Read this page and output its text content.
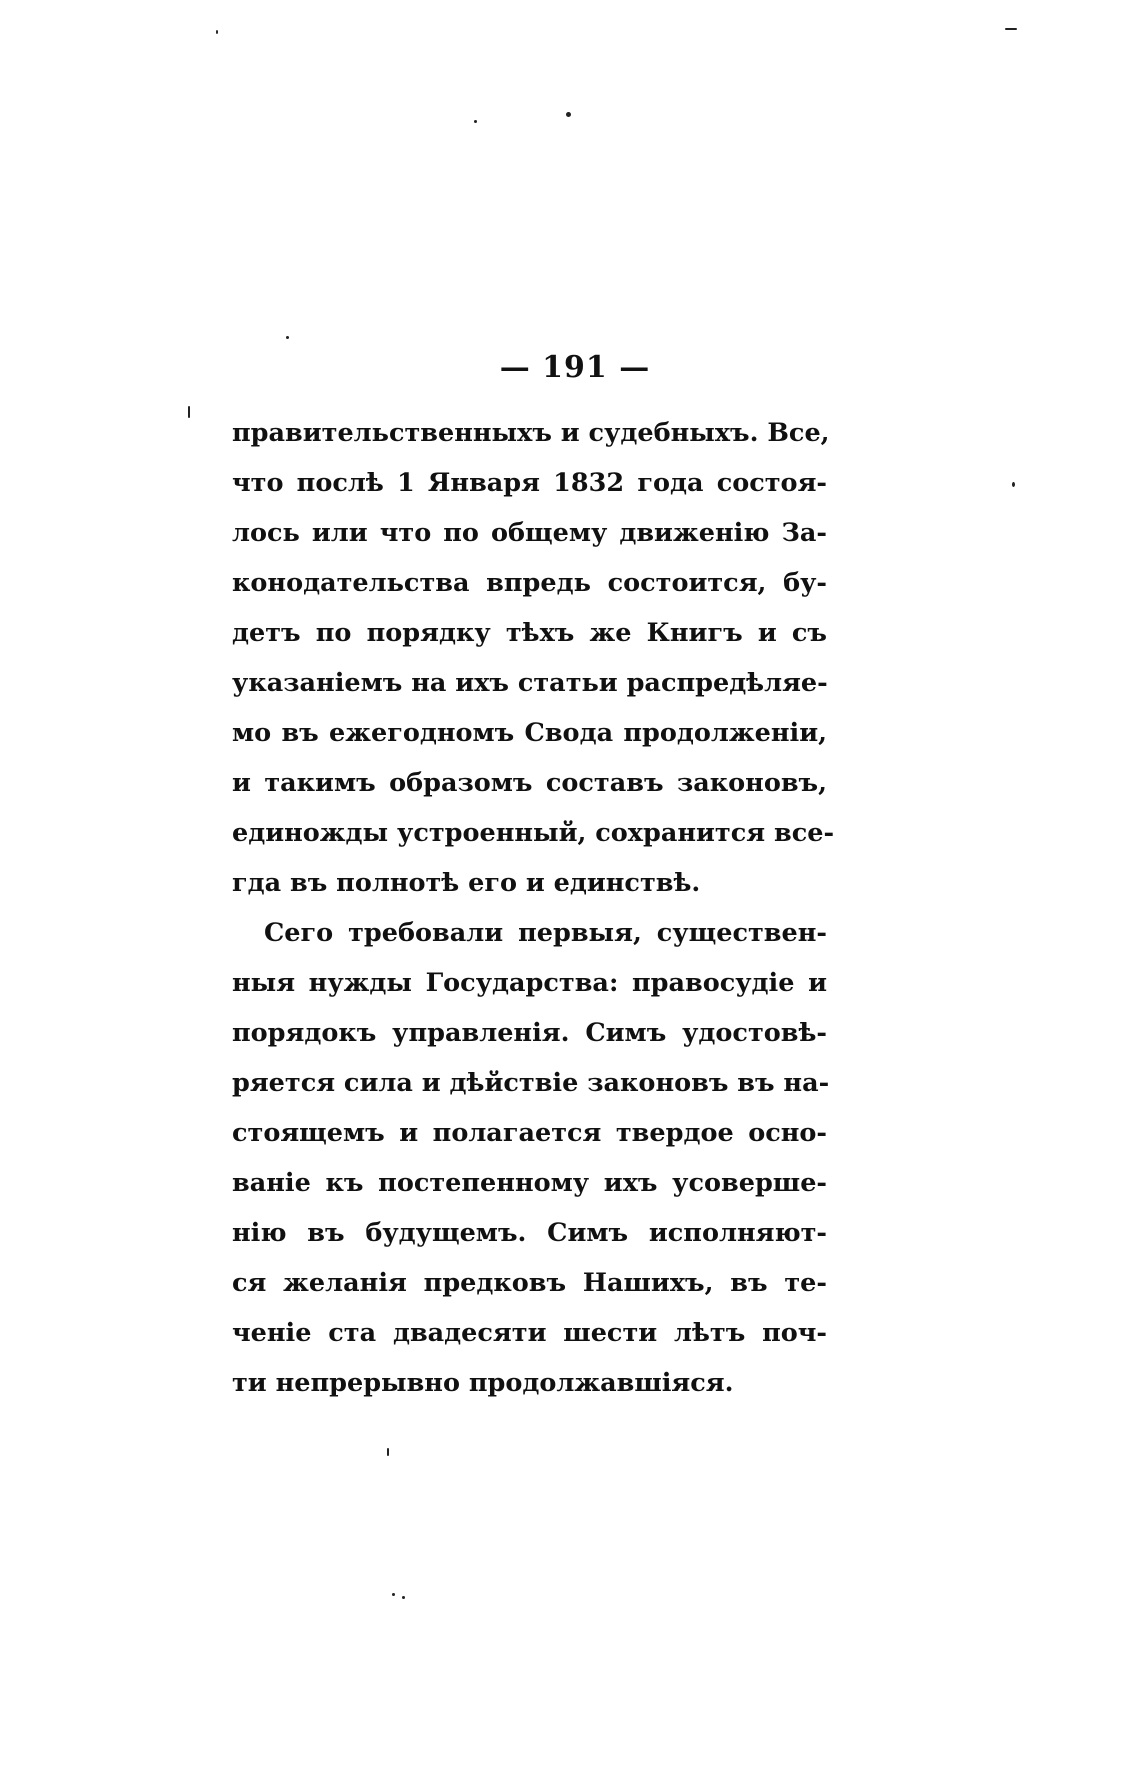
— 191 —
правительственныхъ и судебныхъ. Все,
что послѣ 1 Января 1832 года состоя-
лось или что по общему движенію За-
конодательства впредь состоится, бу-
детъ по порядку тѣхъ же Книгъ и съ
указаніемъ на ихъ статьи распредѣляе-
мо въ ежегодномъ Свода продолженіи,
и такимъ образомъ составъ законовъ,
единожды устроенный, сохранится все-
гда въ полнотѣ его и единствѣ.
Сего требовали первыя, существен-
ныя нужды Государства: правосудіе и
порядокъ управленія. Симъ удостовѣ-
ряется сила и дѣйствіе законовъ въ на-
стоящемъ и полагается твердое осно-
ваніе къ постепенному ихъ усоверше-
нію въ будущемъ. Симъ исполняют-
ся желанія предковъ Нашихъ, въ те-
ченіе ста двадесяти шести лѣтъ поч-
ти непрерывно продолжавшіяся.
